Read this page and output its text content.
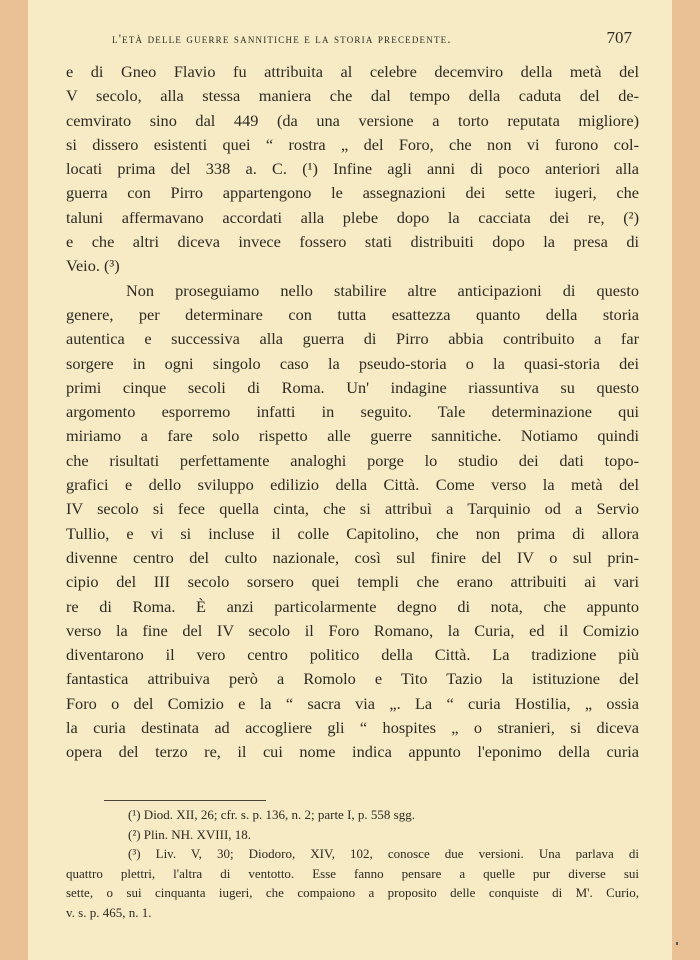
l'età delle guerre sannitiche e la storia precedente.	707
e di Gneo Flavio fu attribuita al celebre decemviro della metà del
V secolo, alla stessa maniera che dal tempo della caduta del de-
cemvirato sino dal 449 (da una versione a torto reputata migliore)
si dissero esistenti quei “ rostra „ del Foro, che non vi furono col-
locati prima del 338 a. C. (¹) Infine agli anni di poco anteriori alla
guerra con Pirro appartengono le assegnazioni dei sette iugeri, che
taluni affermavano accordati alla plebe dopo la cacciata dei re, (²)
e che altri diceva invece fossero stati distribuiti dopo la presa di
Veio. (³)
Non proseguiamo nello stabilire altre anticipazioni di questo
genere, per determinare con tutta esattezza quanto della storia
autentica e successiva alla guerra di Pirro abbia contribuito a far
sorgere in ogni singolo caso la pseudo-storia o la quasi-storia dei
primi cinque secoli di Roma. Un' indagine riassuntiva su questo
argomento esporremo infatti in seguito. Tale determinazione qui
miriamo a fare solo rispetto alle guerre sannitiche. Notiamo quindi
che risultati perfettamente analoghi porge lo studio dei dati topo-
grafici e dello sviluppo edilizio della Città. Come verso la metà del
IV secolo si fece quella cinta, che si attribuì a Tarquinio od a Servio
Tullio, e vi si incluse il colle Capitolino, che non prima di allora
divenne centro del culto nazionale, così sul finire del IV o sul prin-
cipio del III secolo sorsero quei templi che erano attribuiti ai vari
re di Roma. È anzi particolarmente degno di nota, che appunto
verso la fine del IV secolo il Foro Romano, la Curia, ed il Comizio
diventarono il vero centro politico della Città. La tradizione più
fantastica attribuiva però a Romolo e Tito Tazio la istituzione del
Foro o del Comizio e la “ sacra via „. La “ curia Hostilia, „ ossia
la curia destinata ad accogliere gli “ hospites „ o stranieri, si diceva
opera del terzo re, il cui nome indica appunto l'eponimo della curia
(¹) Diod. XII, 26; cfr. s. p. 136, n. 2; parte I, p. 558 sgg.
(²) Plin. NH. XVIII, 18.
(³) Liv. V, 30; Diodoro, XIV, 102, conosce due versioni. Una parlava di
quattro plettri, l'altra di ventotto. Esse fanno pensare a quelle pur diverse sui
sette, o sui cinquanta iugeri, che compaiono a proposito delle conquiste di M'. Curio,
v. s. p. 465, n. 1.
